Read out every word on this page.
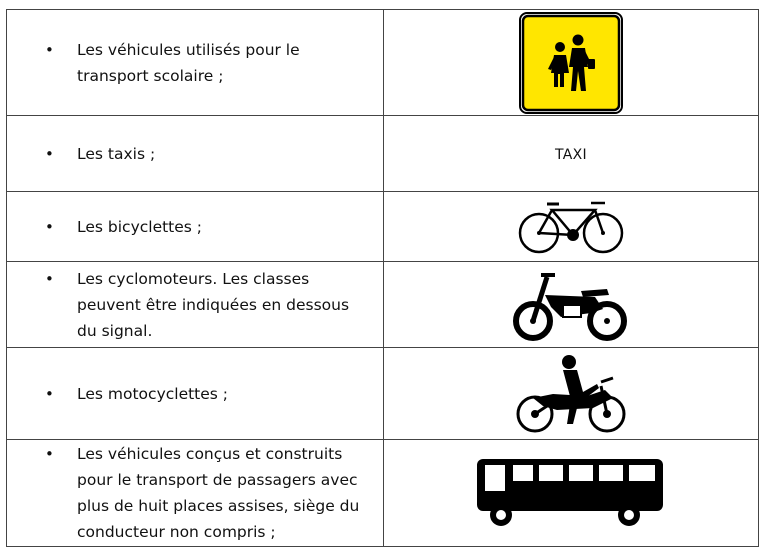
• Les véhicules utilisés pour le transport scolaire ;

• Les taxis ;	TAXI

• Les bicyclettes ;

• Les cyclomoteurs. Les classes peuvent être indiquées en dessous du signal.

• Les motocyclettes ;

• Les véhicules conçus et construits pour le transport de passagers avec plus de huit places assises, siège du conducteur non compris ;
